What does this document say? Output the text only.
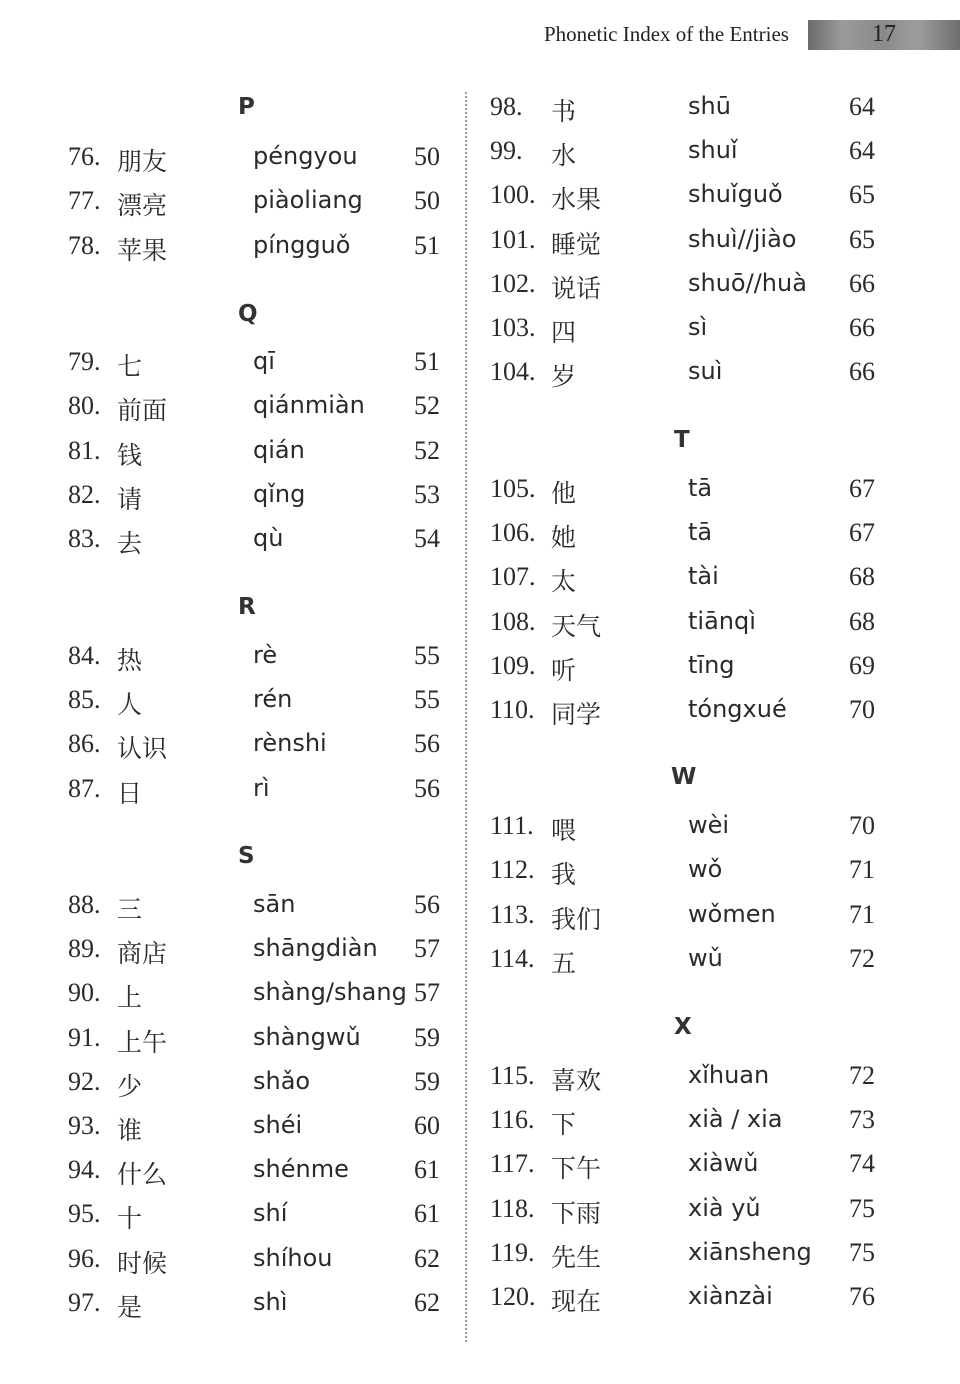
Phonetic Index of the Entries	17
P
Q
R
S
T
W
X
76. 朋友	péngyou 50
77. 漂亮	piàoliang 50
78. 苹果	píngguǒ 51
79. 七	qī	51
80. 前面	qiánmiàn 52
81. 钱	qián	52
82. 请	qǐng	53
83. 去	qù	54
84. 热	rè	55
85. 人	rén	55
86. 认识	rènshi	56
87. 日	rì	56
88. 三	sān	56
89. 商店	shāngdiàn 57
90. 上	shàng/shang 57
91. 上午	shàngwǔ 59
92. 少	shǎo	59
93. 谁	shéi	60
94. 什么	shénme	61
95. 十	shí	61
96. 时候	shíhou	62
97. 是	shì	62
98. 书	shū	64
99. 水	shuǐ	64
100. 水果	shuǐguǒ	65
101. 睡觉	shuì//jiào 65
102. 说话	shuō//huà 66
103. 四	sì	66
104. 岁	suì	66
105. 他	tā	67
106. 她	tā	67
107. 太	tài	68
108. 天气	tiānqì	68
109. 听	tīng	69
110. 同学	tóngxué 70
111. 喂	wèi	70
112. 我	wǒ	71
113. 我们	wǒmen	71
114. 五	wǔ	72
115. 喜欢	xǐhuan	72
116. 下	xià / xia	73
117. 下午	xiàwǔ	74
118. 下雨	xià yǔ	75
119. 先生	xiānsheng 75
120. 现在	xiànzài	76
